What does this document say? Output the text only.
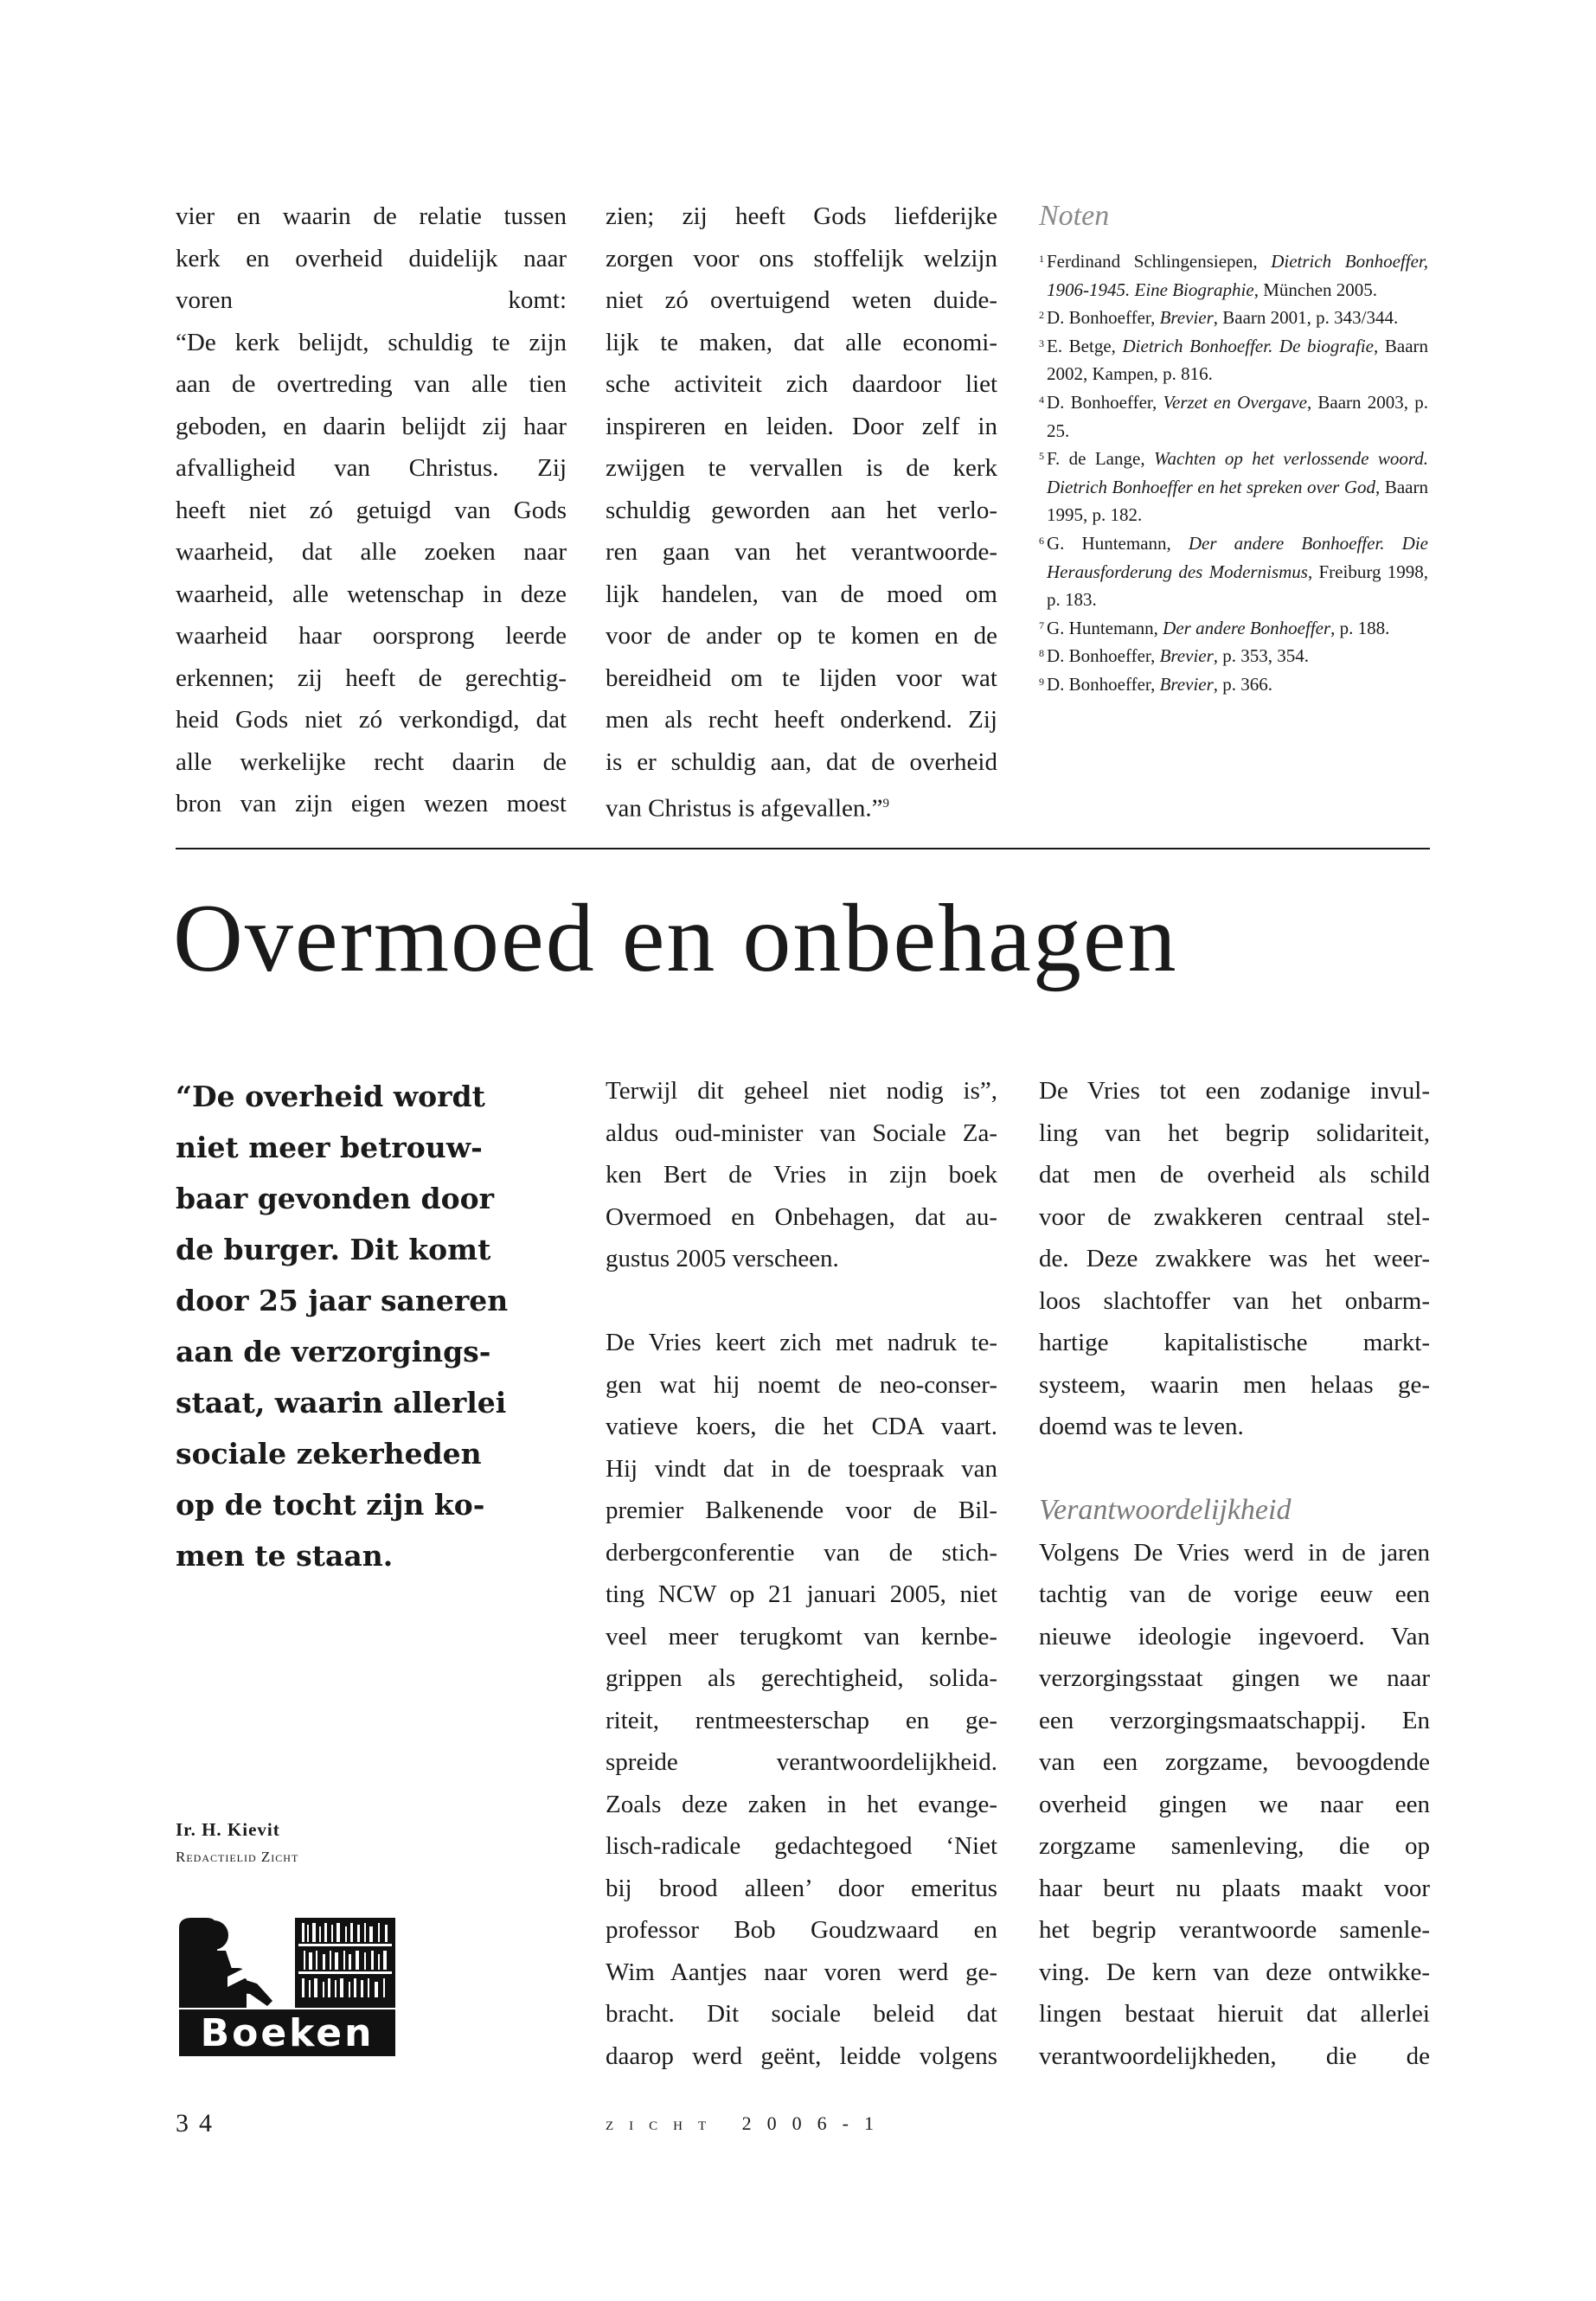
vier en waarin de relatie tussen
kerk en overheid duidelijk naar
voren komt:
“De kerk belijdt, schuldig te zijn
aan de overtreding van alle tien
geboden, en daarin belijdt zij haar
afvalligheid van Christus. Zij
heeft niet zó getuigd van Gods
waarheid, dat alle zoeken naar
waarheid, alle wetenschap in deze
waarheid haar oorsprong leerde
erkennen; zij heeft de gerechtig-
heid Gods niet zó verkondigd, dat
alle werkelijke recht daarin de
bron van zijn eigen wezen moest
zien; zij heeft Gods liefderijke
zorgen voor ons stoffelijk welzijn
niet zó overtuigend weten duide-
lijk te maken, dat alle economi-
sche activiteit zich daardoor liet
inspireren en leiden. Door zelf in
zwijgen te vervallen is de kerk
schuldig geworden aan het verlo-
ren gaan van het verantwoorde-
lijk handelen, van de moed om
voor de ander op te komen en de
bereidheid om te lijden voor wat
men als recht heeft onderkend. Zij
is er schuldig aan, dat de overheid
van Christus is afgevallen.”$^9$
Noten
1 Ferdinand Schlingensiepen, Dietrich Bonhoeffer, 1906-1945. Eine Biographie, München 2005.
2 D. Bonhoeffer, Brevier, Baarn 2001, p. 343/344.
3 E. Betge, Dietrich Bonhoeffer. De biografie, Baarn 2002, Kampen, p. 816.
4 D. Bonhoeffer, Verzet en Overgave, Baarn 2003, p. 25.
5 F. de Lange, Wachten op het verlossende woord. Dietrich Bonhoeffer en het spreken over God, Baarn 1995, p. 182.
6 G. Huntemann, Der andere Bonhoeffer. Die Herausforderung des Modernismus, Freiburg 1998, p. 183.
7 G. Huntemann, Der andere Bonhoeffer, p. 188.
8 D. Bonhoeffer, Brevier, p. 353, 354.
9 D. Bonhoeffer, Brevier, p. 366.
Overmoed en onbehagen
“De overheid wordt
niet meer betrouw-
baar gevonden door
de burger. Dit komt
door 25 jaar saneren
aan de verzorgings-
staat, waarin allerlei
sociale zekerheden
op de tocht zijn ko-
men te staan.
Ir. H. Kievit
Redactielid Zicht
Boeken
Terwijl dit geheel niet nodig is”,
aldus oud-minister van Sociale Za-
ken Bert de Vries in zijn boek
Overmoed en Onbehagen, dat au-
gustus 2005 verscheen.
De Vries keert zich met nadruk te-
gen wat hij noemt de neo-conser-
vatieve koers, die het CDA vaart.
Hij vindt dat in de toespraak van
premier Balkenende voor de Bil-
derbergconferentie van de stich-
ting NCW op 21 januari 2005, niet
veel meer terugkomt van kernbe-
grippen als gerechtigheid, solida-
riteit, rentmeesterschap en ge-
spreide verantwoordelijkheid.
Zoals deze zaken in het evange-
lisch-radicale gedachtegoed ‘Niet
bij brood alleen’ door emeritus
professor Bob Goudzwaard en
Wim Aantjes naar voren werd ge-
bracht. Dit sociale beleid dat
daarop werd geënt, leidde volgens
De Vries tot een zodanige invul-
ling van het begrip solidariteit,
dat men de overheid als schild
voor de zwakkeren centraal stel-
de. Deze zwakkere was het weer-
loos slachtoffer van het onbarm-
hartige kapitalistische markt-
systeem, waarin men helaas ge-
doemd was te leven.
Verantwoordelijkheid
Volgens De Vries werd in de jaren
tachtig van de vorige eeuw een
nieuwe ideologie ingevoerd. Van
verzorgingsstaat gingen we naar
een verzorgingsmaatschappij. En
van een zorgzame, bevoogdende
overheid gingen we naar een
zorgzame samenleving, die op
haar beurt nu plaats maakt voor
het begrip verantwoorde samenle-
ving. De kern van deze ontwikke-
lingen bestaat hieruit dat allerlei
verantwoordelijkheden, die de
34	zicht 2006-1
